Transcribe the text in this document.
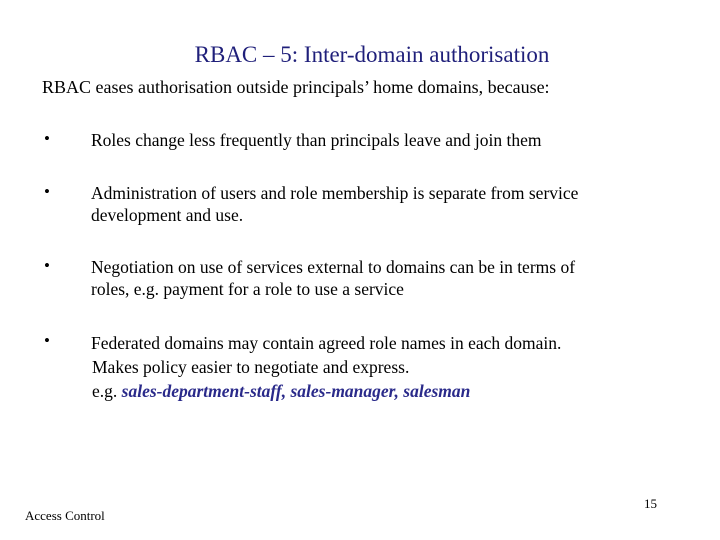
RBAC – 5: Inter-domain authorisation
RBAC eases authorisation outside principals’ home domains, because:
• Roles change less frequently than principals leave and join them
• Administration of users and role membership is separate from service
development and use.
• Negotiation on use of services external to domains can be in terms of
roles, e.g. payment for a role to use a service
• Federated domains may contain agreed role names in each domain.
Makes policy easier to negotiate and express.
e.g. sales-department-staff, sales-manager, salesman
Access Control
15
